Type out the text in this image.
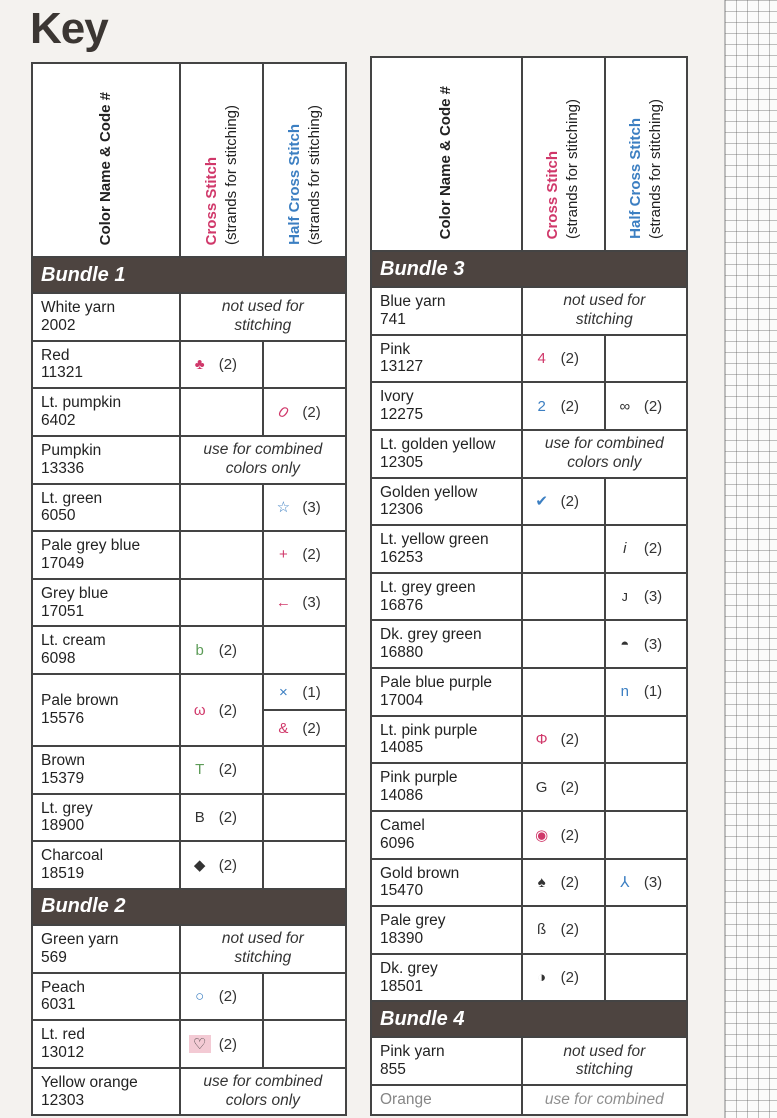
Key
Color Name & Code #	Cross Stitch (strands for stitching)	Half Cross Stitch (strands for stitching)
Bundle 1		
White yarn
2002	not used for
stitching	
Red
11321	♣ (2)	
Lt. pumpkin
6402		0 (2)
Pumpkin
13336	use for combined
colors only	
Lt. green
6050		☆ (3)
Pale grey blue
17049		+ (2)
Grey blue
17051		← (3)
Lt. cream
6098	b (2)	
Pale brown
15576	ω (2)	× (1)
		& (2)
Brown
15379	T (2)	
Lt. grey
18900	B (2)	
Charcoal
18519	◆ (2)	
Bundle 2		
Green yarn
569	not used for
stitching	
Peach
6031	○ (2)	
Lt. red
13012	♡ (2)	
Yellow orange
12303	use for combined
colors only	
Color Name & Code #	Cross Stitch (strands for stitching)	Half Cross Stitch (strands for stitching)
Bundle 3		
Blue yarn
741	not used for
stitching	
Pink
13127	4 (2)	
Ivory
12275	2 (2)	∞ (2)
Lt. golden yellow
12305	use for combined
colors only	
Golden yellow
12306	✔ (2)	
Lt. yellow green
16253		i (2)
Lt. grey green
16876		ᴊ (3)
Dk. grey green
16880		◓ (3)
Pale blue purple
17004		n (1)
Lt. pink purple
14085	Φ (2)	
Pink purple
14086	G (2)	
Camel
6096	◉ (2)	
Gold brown
15470	♠ (2)	⅄ (3)
Pale grey
18390	ß (2)	
Dk. grey
18501	◑ (2)	
Bundle 4		
Pink yarn
855	not used for
stitching	
Orange	use for combined	
